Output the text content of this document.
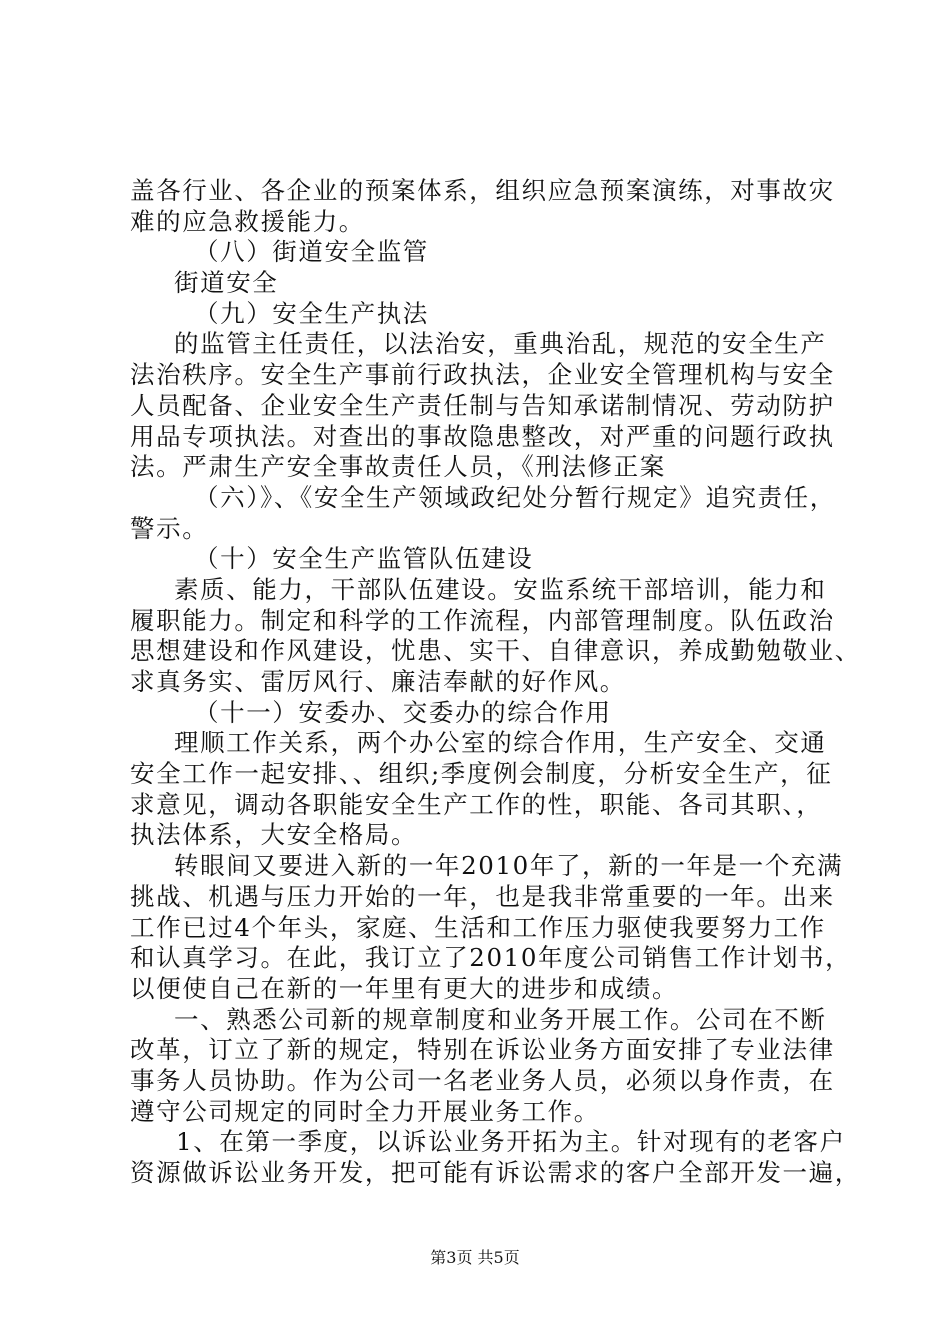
盖各行业、各企业的预案体系，组织应急预案演练，对事故灾
难的应急救援能力。
（八）街道安全监管
街道安全
（九）安全生产执法
的监管主任责任，以法治安，重典治乱，规范的安全生产
法治秩序。安全生产事前行政执法，企业安全管理机构与安全
人员配备、企业安全生产责任制与告知承诺制情况、劳动防护
用品专项执法。对查出的事故隐患整改，对严重的问题行政执
法。严肃生产安全事故责任人员，《刑法修正案
（六）》、《安全生产领域政纪处分暂行规定》追究责任，
警示。
（十）安全生产监管队伍建设
素质、能力，干部队伍建设。安监系统干部培训，能力和
履职能力。制定和科学的工作流程，内部管理制度。队伍政治
思想建设和作风建设，忧患、实干、自律意识，养成勤勉敬业、
求真务实、雷厉风行、廉洁奉献的好作风。
（十一）安委办、交委办的综合作用
理顺工作关系，两个办公室的综合作用，生产安全、交通
安全工作一起安排、、组织;季度例会制度，分析安全生产，征
求意见，调动各职能安全生产工作的性，职能、各司其职、，
执法体系，大安全格局。
转眼间又要进入新的一年2010年了，新的一年是一个充满
挑战、机遇与压力开始的一年，也是我非常重要的一年。出来
工作已过4个年头，家庭、生活和工作压力驱使我要努力工作
和认真学习。在此，我订立了2010年度公司销售工作计划书，
以便使自己在新的一年里有更大的进步和成绩。
一、熟悉公司新的规章制度和业务开展工作。公司在不断
改革，订立了新的规定，特别在诉讼业务方面安排了专业法律
事务人员协助。作为公司一名老业务人员，必须以身作责，在
遵守公司规定的同时全力开展业务工作。
1、在第一季度，以诉讼业务开拓为主。针对现有的老客户
资源做诉讼业务开发，把可能有诉讼需求的客户全部开发一遍，
第3页 共5页
